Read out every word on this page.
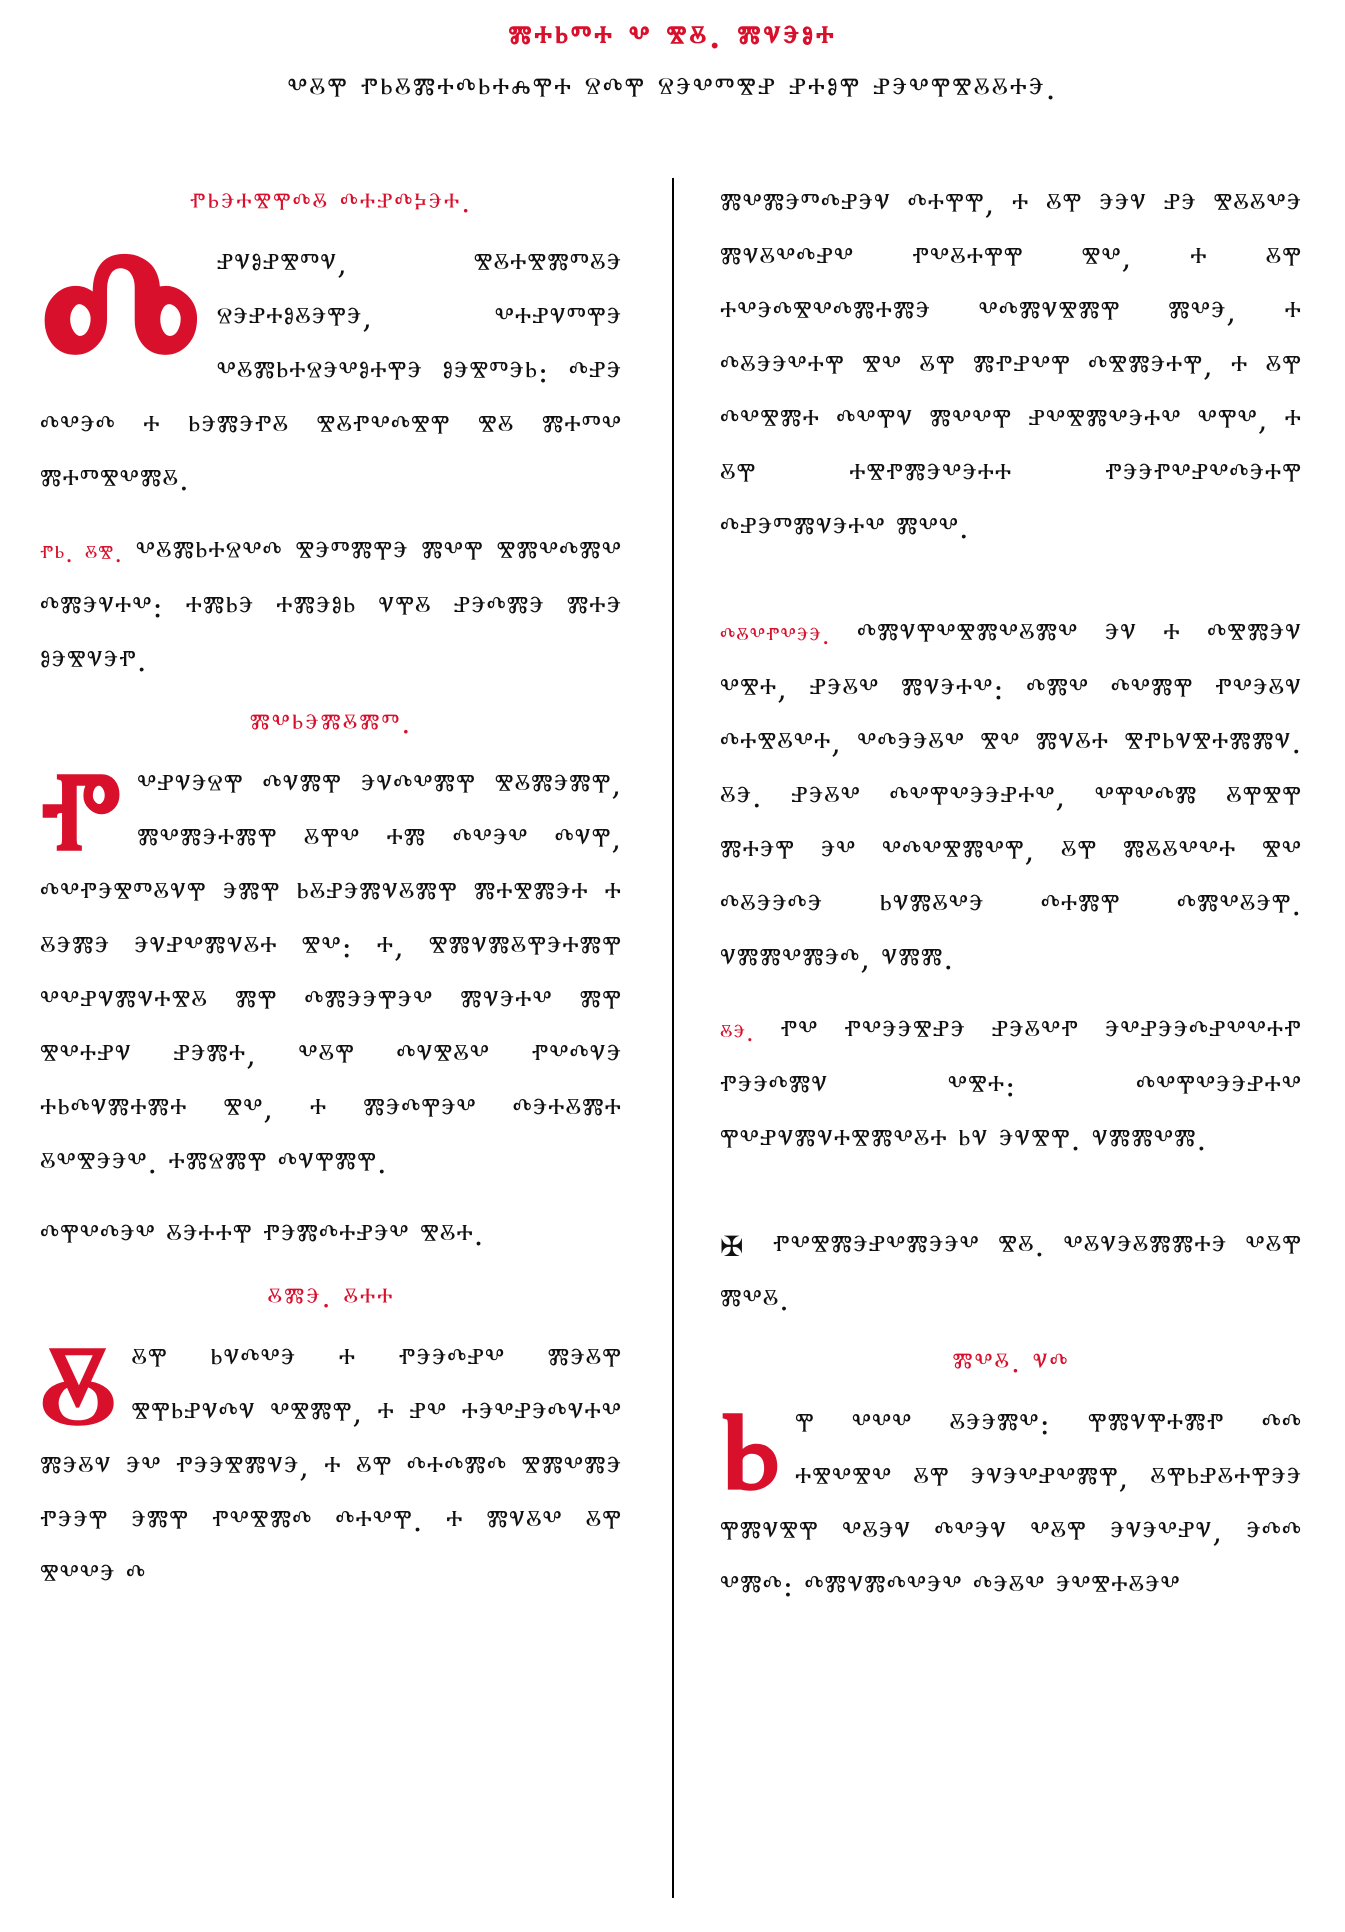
ⰿⰰⱃⱅⰰ ⰲ ⰺⰻ. ⰿⱌⰵⱁⰰ
ⰲⰻⰹ ⱂⱃⰻⰿⰰⰴⱃⰰⰾⰹⰰ ⱄⰴⰹ ⱄⰵⰲⱅⰺⱀ ⱀⰰⱁⰹ ⱀⰵⰲⰹⰺⰻⰻⰰⰵ.
ⱂⱃⰵⰰⰺⰹⰴⰻ ⰴⰰⱀⰴⰽⰵⰰ.

Ⰴ ⱀⱌⱁⱀⰺⱅⱌ, ⰺⰻⰰⰺⰿⱅⰻⰵ ⱄⰵⱀⰰⱁⰻⰵⰹⰵ, ⰲⰰⱀⱌⱅⰹⰵ ⰲⰻⰿⱃⰰⱄⰵⰲⱁⰰⰹⰵ ⱁⰵⰺⱅⰵⱃ: ⰴⱀⰵ ⰴⰲⰵⰴ ⰰ ⱃⰵⰿⰵⱂⰻ ⰺⰻⱂⰲⰴⰺⰹ ⰺⰻ ⰿⰰⱅⰲ ⰿⰰⱅⰺⰲⰿⰻ.

ⱂⱃ. ⰻⰺ. ⰲⰻⰿⱃⰰⱄⰲⰴ ⰺⰵⱅⰿⰹⰵ ⰿⰲⰹ ⰺⰿⰲⰴⰿⰲ ⰴⰿⰵⱌⰰⰲ: ⰰⰿⱃⰵ ⰰⰿⰵⱁⱃ ⱌⰹⰻ ⱀⰵⰴⰿⰵ ⰿⰰⰵ ⱁⰵⰺⱌⰵⱂ.

ⰿⰲⱃⰵⰿⰻⰿⱅ.

Ⱂ ⰲⱀⱌⰵⱄⰹ ⰴⱌⰿⰹ ⰵⱌⰴⰲⰿⰹ ⰺⰻⰿⰵⰿⰹ, ⰿⰲⰿⰵⰰⰿⰹ ⰻⰹⰲ ⰰⰿ ⰴⰲⰵⰲ ⰴⱌⰹ, ⰴⰲⱂⰵⰺⱅⰻⱌⰹ ⰵⰿⰹ ⱃⰻⱀⰵⰿⱌⰻⰿⰹ ⰿⰰⰺⰿⰵⰰ ⰰ ⰻⰵⰿⰵ ⰵⱌⱀⰲⰿⱌⰻⰰ ⰺⰲ: ⰰ, ⰺⰿⱌⰿⰻⰹⰵⰰⰿⰹ ⰲⰲⱀⱌⰿⱌⰰⰺⰻ ⰿⰹ ⰴⰿⰵⰵⰹⰵⰲ ⰿⱌⰵⰰⰲ ⰿⰹ ⰺⰲⰰⱀⱌ ⱀⰵⰿⰰ, ⰲⰻⰹ ⰴⱌⰺⰻⰲ ⱂⰲⰴⱌⰵ ⰰⱃⰴⱌⰿⰰⰿⰰ ⰺⰲ, ⰰ ⰿⰵⰴⰹⰵⰲ ⰴⰵⰰⰻⰿⰰ ⰻⰲⰺⰵⰵⰲ. ⰰⰿⱄⰿⰹ ⰴⱌⰹⰿⰹ.

ⰴⰹⰲⰴⰵⰲ ⰻⰵⰰⰰⰹ ⱂⰵⰿⰴⰰⱀⰵⰲ ⰺⰻⰰ.

ⰻⰿⰵ. ⰻⰰⰰ

Ⰻ ⰻⰹ ⱃⱌⰴⰲⰵ ⰰ ⱂⰵⰵⰴⱀⰲ ⰿⰵⰻⰹ ⰺⰹⱃⱀⱌⰴⱌ ⰲⰺⰿⰹ, ⰰ ⱀⰲ ⰰⰵⰲⱀⰵⰴⱌⰰⰲ ⰿⰵⰻⱌ ⰵⰲ ⱂⰵⰵⰺⰿⱌⰵ, ⰰ ⰻⰹ ⰴⰰⰴⰿⰴ ⰺⰿⰲⰿⰵ ⱂⰵⰵⰹ ⰵⰿⰹ ⱂⰲⰺⰿⰴ ⰴⰰⰲⰹ. ⰰ ⰿⱌⰻⰲ ⰻⰹ ⰺⰲⰲⰵ ⰴ

ⰿⰲⰿⰵⱅⰴⱀⰵⱌ ⰴⰰⰹⰹ, ⰰ ⰻⰹ ⰵⰵⱌ ⱀⰵ ⰺⰻⰻⰲⰵ ⰿⱌⰻⰲⰴⱀⰲ ⱂⰲⰻⰰⰹⰹ ⰺⰲ, ⰰ ⰻⰹ ⰰⰲⰵⰴⰺⰲⰴⰿⰰⰿⰵ ⰲⰴⰿⱌⰺⰿⰹ ⰿⰲⰵ, ⰰ ⰴⰻⰵⰵⰲⰰⰹ ⰺⰲ ⰻⰹ ⰿⱂⱀⰲⰹ ⰴⰺⰿⰵⰰⰹ, ⰰ ⰻⰹ ⰴⰲⰺⰿⰰ ⰴⰲⰹⱌ ⰿⰲⰲⰹ ⱀⰲⰺⰿⰲⰵⰰⰲ ⰲⰹⰲ, ⰰ ⰻⰹ ⰰⰺⱂⰿⰵⰲⰵⰰⰰ ⱂⰵⰵⱂⰲⱀⰲⰴⰵⰰⰹ ⰴⱀⰵⱅⰿⱌⰵⰰⰲ ⰿⰲⰲ.

ⰴⰻⰲⱂⰲⰵⰵ. ⰴⰿⱌⰹⰲⰺⰿⰲⰻⰿⰲ ⰵⱌ ⰰ ⰴⰺⰿⰵⱌ ⰲⰺⰰ, ⱀⰵⰻⰲ ⰿⱌⰵⰰⰲ: ⰴⰿⰲ ⰴⰲⰿⰹ ⱂⰲⰵⰻⱌ ⰴⰰⰺⰻⰲⰰ, ⰲⰴⰵⰵⰻⰲ ⰺⰲ ⰿⱌⰻⰰ ⰺⱂⱃⱌⰺⰰⰿⰿⱌ. ⰻⰵ. ⱀⰵⰻⰲ ⰴⰲⰹⰲⰵⰵⱀⰰⰲ, ⰲⰹⰲⰴⰿ ⰻⰹⰺⰹ ⰿⰰⰵⰹ ⰵⰲ ⰲⰴⰲⰺⰿⰲⰹ, ⰻⰹ ⰿⰻⰻⰲⰲⰰ ⰺⰲ ⰴⰻⰵⰵⰴⰵ ⱃⱌⰿⰻⰲⰵ ⰴⰰⰿⰹ ⰴⰿⰲⰻⰵⰹ. ⱌⰿⰿⰲⰿⰵⰴ, ⱌⰿⰿ.

ⰻⰵ. ⱂⰲ ⱂⰲⰵⰵⰺⱀⰵ ⱀⰵⰻⰲⱂ ⰵⰲⱀⰵⰵⰴⱀⰲⰲⰰⱂ ⱂⰵⰵⰴⰿⱌ ⰲⰺⰰ: ⰴⰲⰹⰲⰵⰵⱀⰰⰲ ⰹⰲⱀⱌⰿⱌⰰⰺⰿⰲⰻⰰ ⱃⱌ ⰵⱌⰺⰹ. ⱌⰿⰿⰲⰿ.

✠ ⱂⰲⰺⰿⰵⱀⰲⰿⰵⰵⰲ ⰺⰻ. ⰲⰻⱌⰵⰻⰿⰿⰰⰵ ⰲⰻⰹ ⰿⰲⰻ.

ⰿⰲⰻ. ⱌⰴ

Ⱃ ⰹ ⰲⰲⰲ ⰻⰵⰵⰿⰲ: ⰹⰿⱌⰹⰰⰿⱂ ⰴⰴ ⰰⰺⰲⰺⰲ ⰻⰹ ⰵⱌⰵⰲⱀⰲⰿⰹ, ⰻⰹⱃⱀⰻⰰⰹⰵⰵ ⰹⰿⱌⰺⰹ ⰲⰻⰵⱌ ⰴⰲⰵⱌ ⰲⰻⰹ ⰵⱌⰵⰲⱀⱌ, ⰵⰴⰴ ⰲⰿⰴ: ⰴⰿⱌⰿⰴⰲⰵⰲ ⰴⰵⰻⰲ ⰵⰲⰺⰰⰻⰵⰲ
